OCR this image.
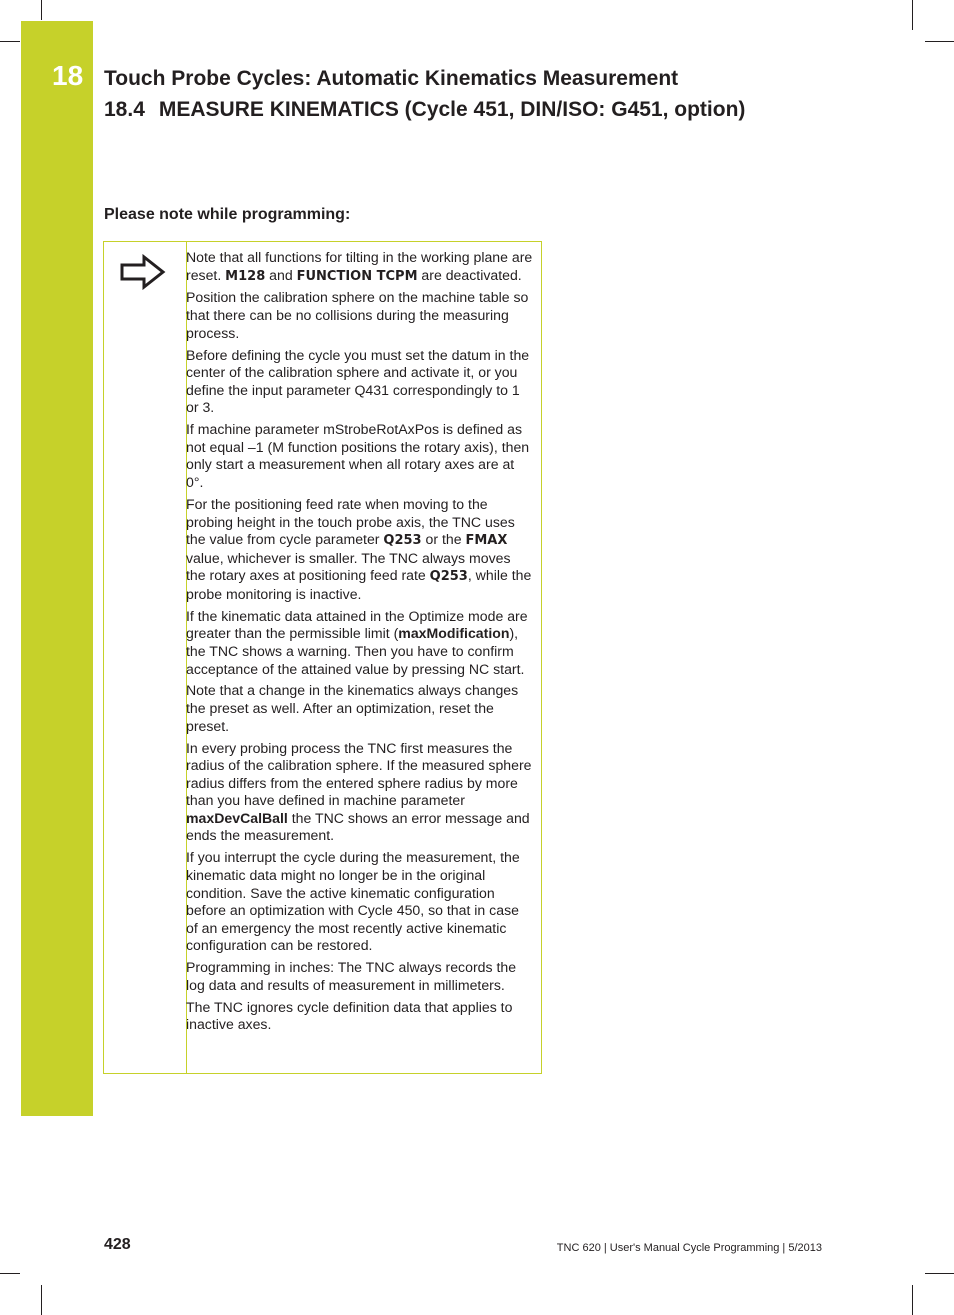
18 Touch Probe Cycles: Automatic Kinematics Measurement
18.4 MEASURE KINEMATICS (Cycle 451, DIN/ISO: G451, option)
Please note while programming:

Note that all functions for tilting in the working plane are reset. M128 and FUNCTION TCPM are deactivated.

Position the calibration sphere on the machine table so that there can be no collisions during the measuring process.

Before defining the cycle you must set the datum in the center of the calibration sphere and activate it, or you define the input parameter Q431 correspondingly to 1 or 3.

If machine parameter mStrobeRotAxPos is defined as not equal –1 (M function positions the rotary axis), then only start a measurement when all rotary axes are at 0°.

For the positioning feed rate when moving to the probing height in the touch probe axis, the TNC uses the value from cycle parameter Q253 or the FMAX value, whichever is smaller. The TNC always moves the rotary axes at positioning feed rate Q253, while the probe monitoring is inactive.

If the kinematic data attained in the Optimize mode are greater than the permissible limit (maxModification), the TNC shows a warning. Then you have to confirm acceptance of the attained value by pressing NC start.

Note that a change in the kinematics always changes the preset as well. After an optimization, reset the preset.

In every probing process the TNC first measures the radius of the calibration sphere. If the measured sphere radius differs from the entered sphere radius by more than you have defined in machine parameter maxDevCalBall the TNC shows an error message and ends the measurement.

If you interrupt the cycle during the measurement, the kinematic data might no longer be in the original condition. Save the active kinematic configuration before an optimization with Cycle 450, so that in case of an emergency the most recently active kinematic configuration can be restored.

Programming in inches: The TNC always records the log data and results of measurement in millimeters.

The TNC ignores cycle definition data that applies to inactive axes.

428	TNC 620 | User's Manual Cycle Programming | 5/2013
